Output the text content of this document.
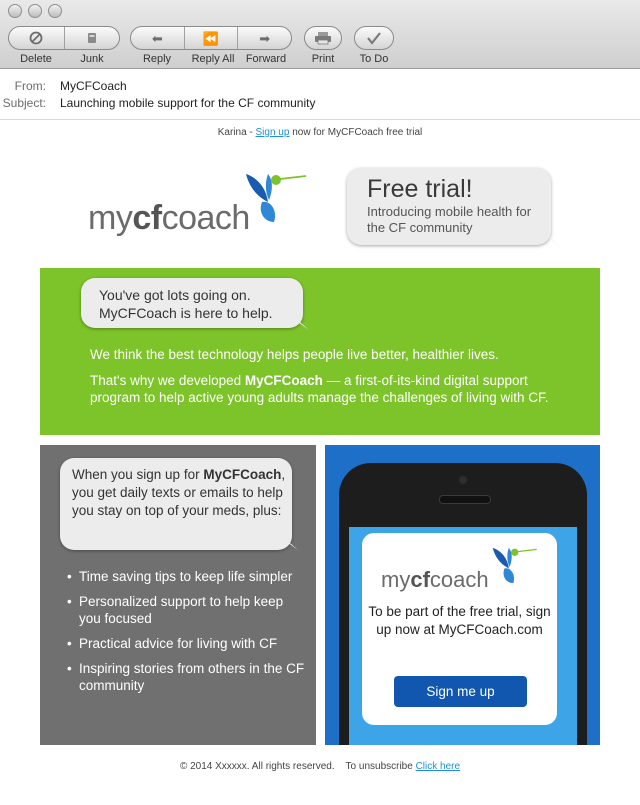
Delete	Junk
⬅	⏪	➡
Reply	Reply All	Forward	Print	To Do
From: MyCFCoach
Subject: Launching mobile support for the CF community
Karina - Sign up now for MyCFCoach free trial
mycfcoach
Free trial!
Introducing mobile health for the CF community
You've got lots going on. MyCFCoach is here to help.
We think the best technology helps people live better, healthier lives.
That's why we developed MyCFCoach — a first-of-its-kind digital support program to help active young adults manage the challenges of living with CF.
When you sign up for MyCFCoach, you get daily texts or emails to help you stay on top of your meds, plus:
• Time saving tips to keep life simpler
• Personalized support to help keep you focused
• Practical advice for living with CF
• Inspiring stories from others in the CF community
mycfcoach
To be part of the free trial, sign up now at MyCFCoach.com
Sign me up
© 2014 Xxxxxx. All rights reserved.    To unsubscribe Click here
